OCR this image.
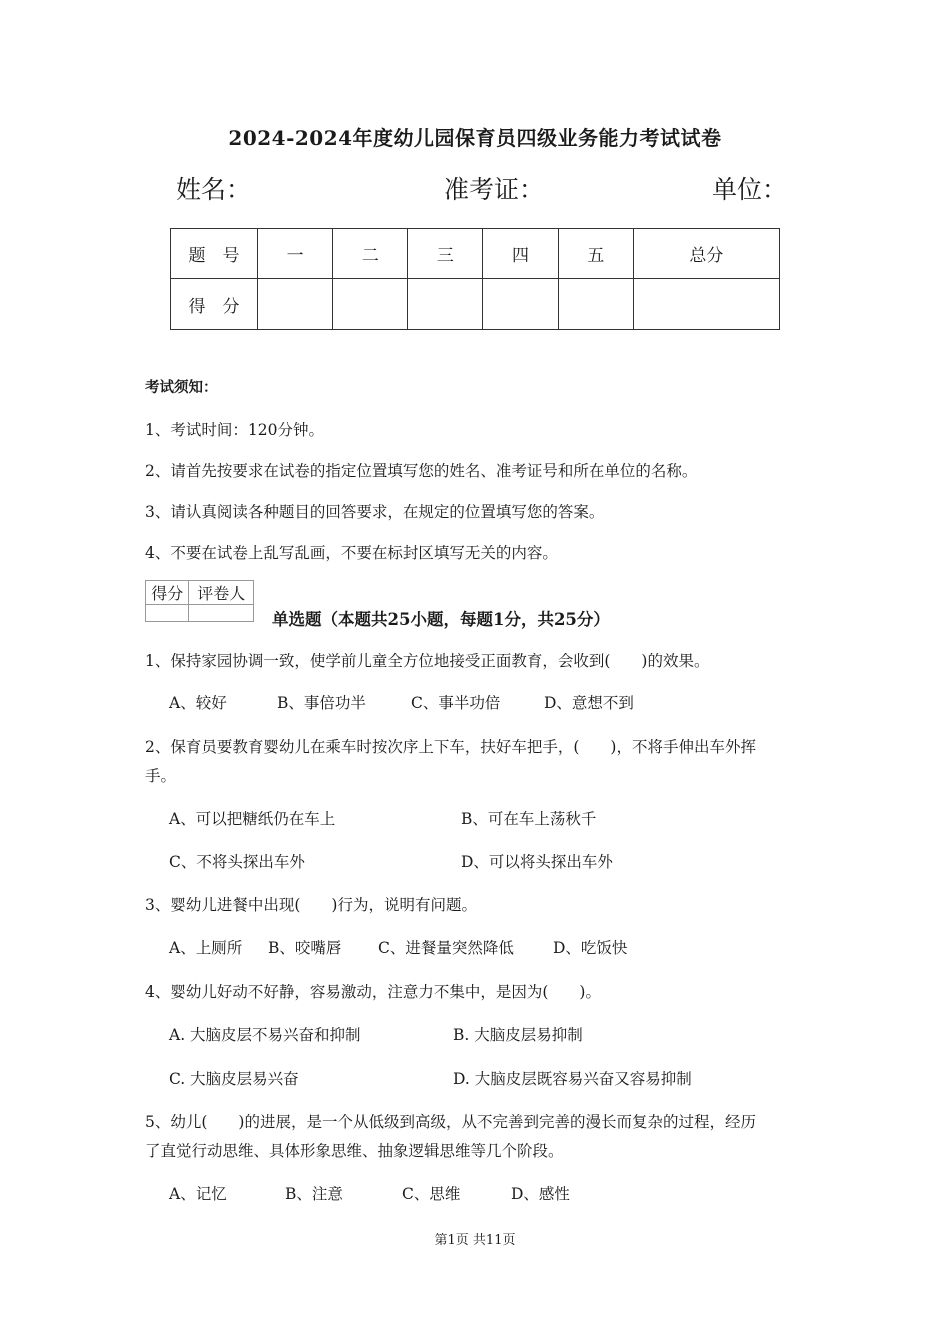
2024-2024年度幼儿园保育员四级业务能力考试试卷
姓名：	准考证：	单位：
题　号	一	二	三	四	五	总分
得　分						
考试须知：
1、考试时间：120分钟。
2、请首先按要求在试卷的指定位置填写您的姓名、准考证号和所在单位的名称。
3、请认真阅读各种题目的回答要求，在规定的位置填写您的答案。
4、不要在试卷上乱写乱画，不要在标封区填写无关的内容。
得分	评卷人

单选题（本题共25小题，每题1分，共25分）
1、保持家园协调一致，使学前儿童全方位地接受正面教育，会收到(　　)的效果。
A、较好	B、事倍功半	C、事半功倍	D、意想不到
2、保育员要教育婴幼儿在乘车时按次序上下车，扶好车把手，(　　)，不将手伸出车外挥
手。
A、可以把糖纸仍在车上	B、可在车上荡秋千
C、不将头探出车外	D、可以将头探出车外
3、婴幼儿进餐中出现(　　)行为，说明有问题。
A、上厕所 B、咬嘴唇 C、进餐量突然降低	D、吃饭快
4、婴幼儿好动不好静，容易激动，注意力不集中，是因为(　　)。
A. 大脑皮层不易兴奋和抑制	B. 大脑皮层易抑制
C. 大脑皮层易兴奋	D. 大脑皮层既容易兴奋又容易抑制
5、幼儿(　　)的进展，是一个从低级到高级，从不完善到完善的漫长而复杂的过程，经历
了直觉行动思维、具体形象思维、抽象逻辑思维等几个阶段。
A、记忆	B、注意	C、思维	D、感性
第1页 共11页
